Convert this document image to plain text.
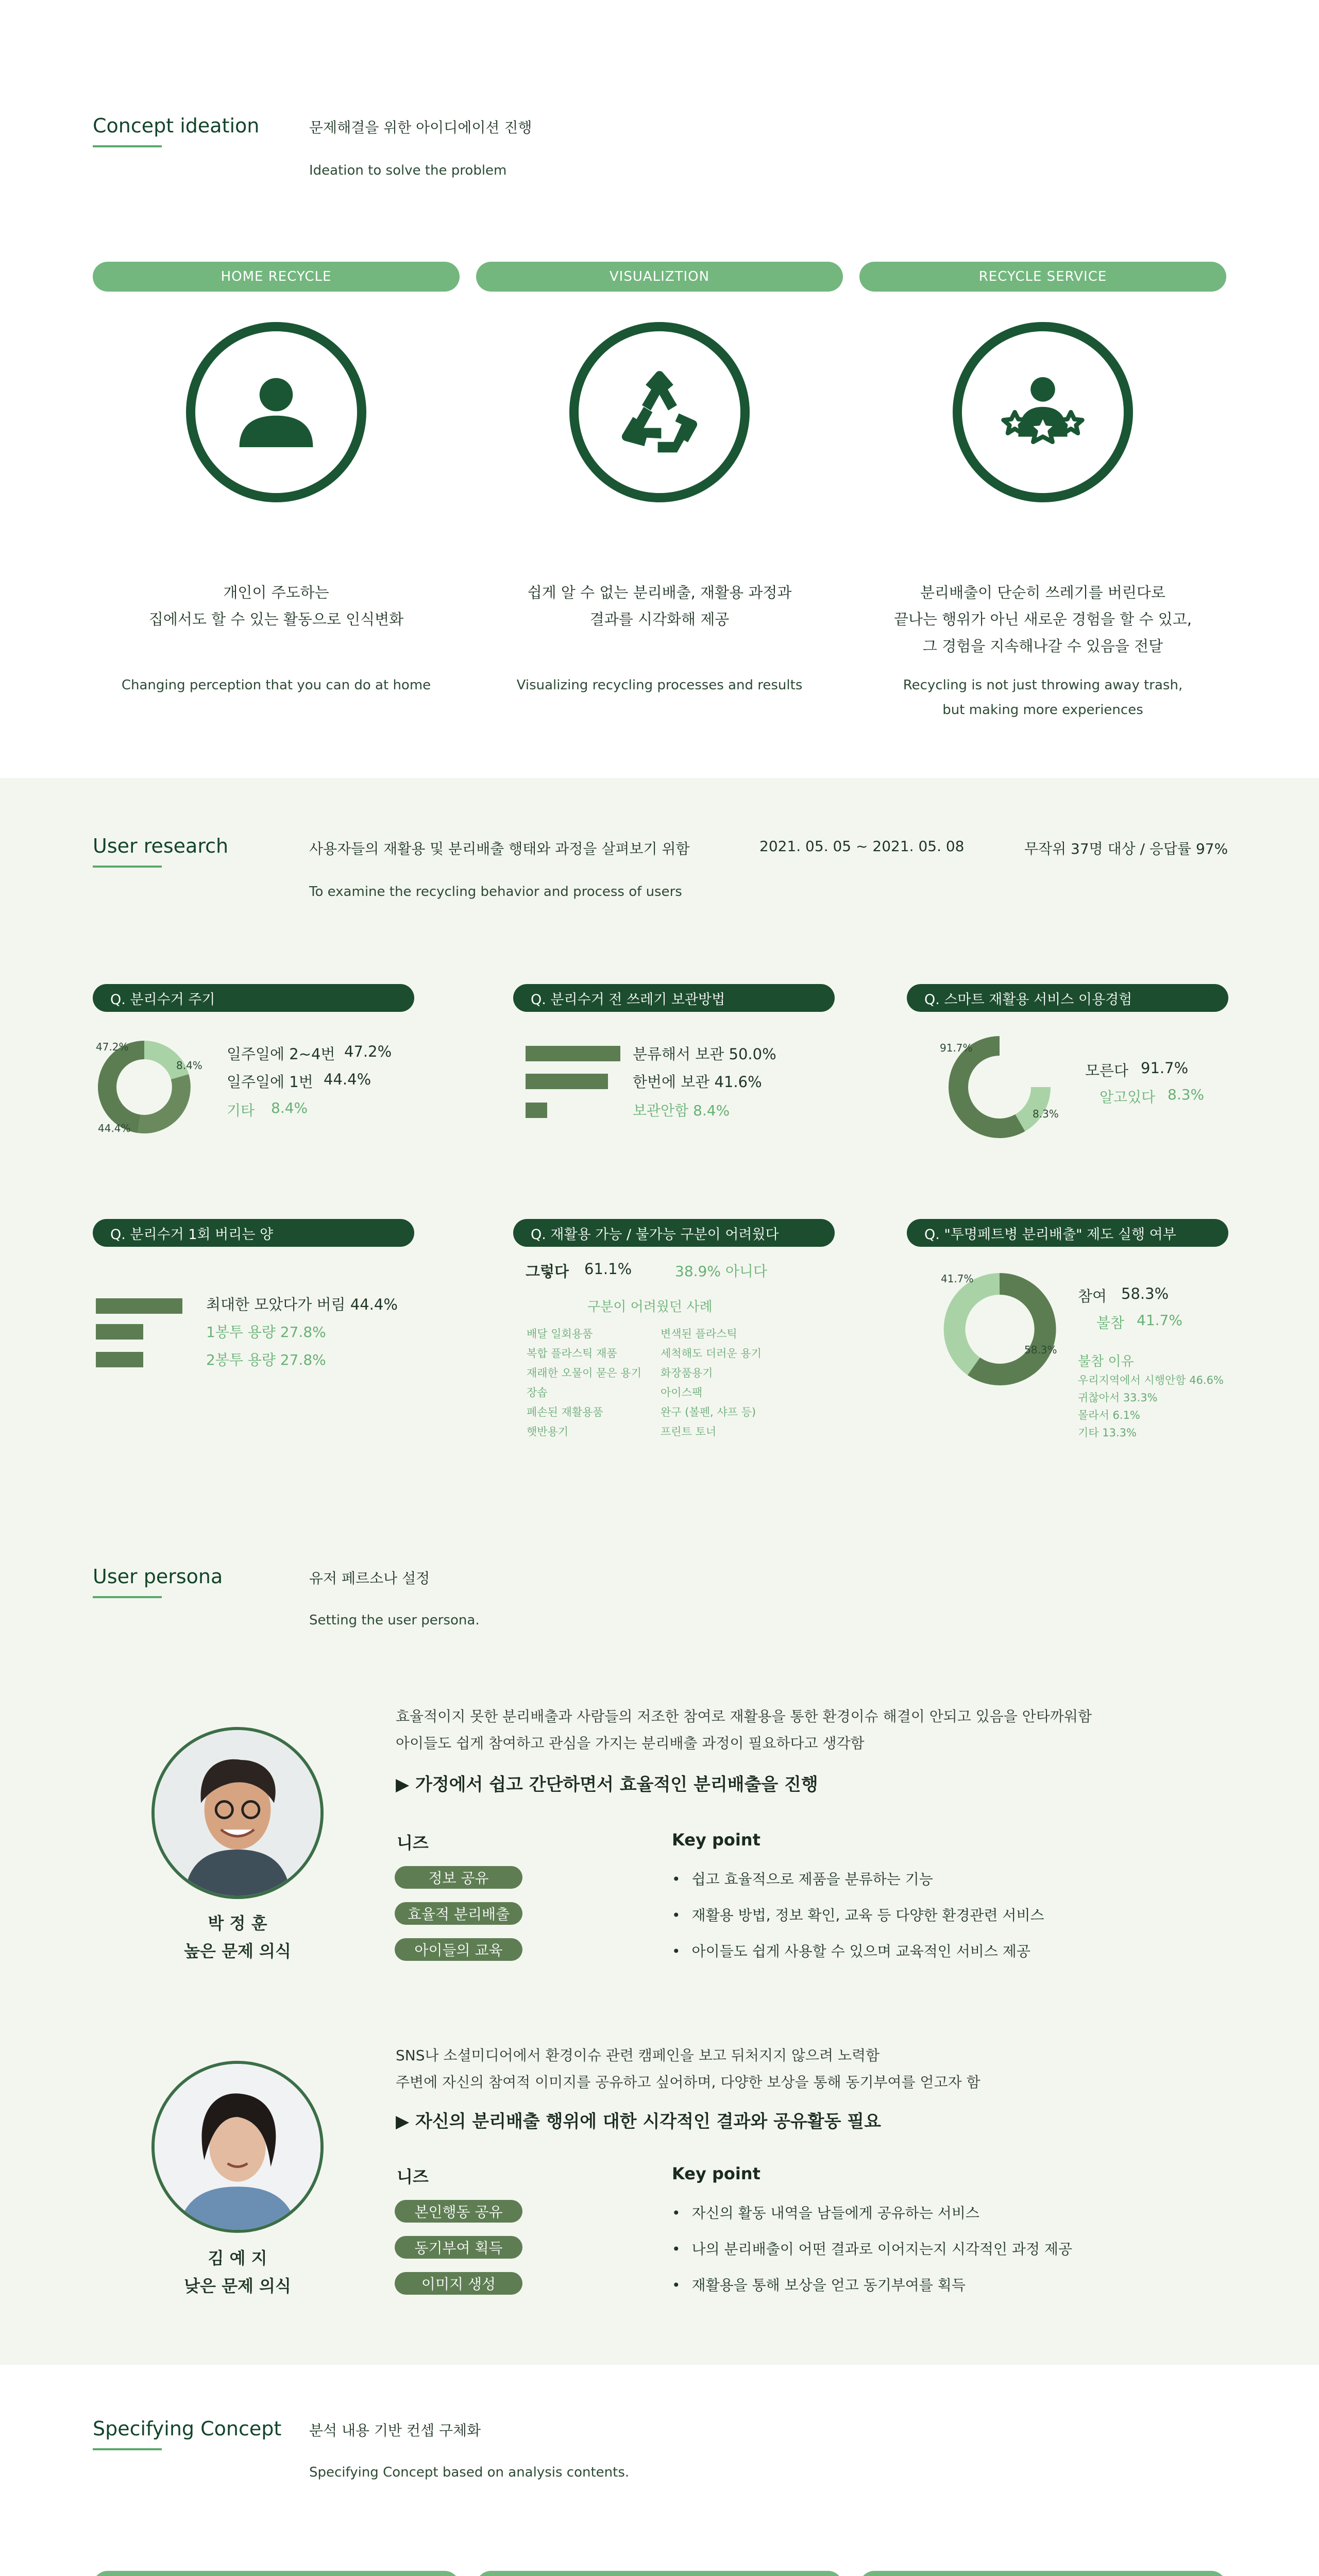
Concept ideation	문제해결을 위한 아이디에이션 진행
Ideation to solve the problem
HOME RECYCLE
개인이 주도하는
집에서도 할 수 있는 활동으로 인식변화
Changing perception that you can do at home
VISUALIZTION
쉽게 알 수 없는 분리배출, 재활용 과정과
결과를 시각화해 제공
Visualizing recycling processes and results
RECYCLE SERVICE
분리배출이 단순히 쓰레기를 버린다로
끝나는 행위가 아닌 새로운 경험을 할 수 있고,
그 경험을 지속해나갈 수 있음을 전달
Recycling is not just throwing away trash,
but making more experiences
User research	사용자들의 재활용 및 분리배출 행태와 과정을 살펴보기 위함	2021. 05. 05 ~ 2021. 05. 08	무작위 37명 대상 / 응답률 97%
To examine the recycling behavior and process of users
Q. 분리수거 주기
47.2%
8.4%
44.4%
일주일에 2~4번 47.2%
일주일에 1번 44.4%
기타 8.4%
Q. 분리수거 전 쓰레기 보관방법
분류해서 보관 50.0%
한번에 보관 41.6%
보관안함 8.4%
Q. 스마트 재활용 서비스 이용경험
91.7%
8.3%
모른다 91.7%
알고있다 8.3%
Q. 분리수거 1회 버리는 양
최대한 모았다가 버림 44.4%
1봉투 용량 27.8%
2봉투 용량 27.8%
Q. 재활용 가능 / 불가능 구분이 어려웠다
그렇다 61.1%	38.9% 아니다
구분이 어려웠던 사례
배달 일회용품
복합 플라스틱 재품
재래한 오물이 묻은 용기
장솝
폐손된 재활용품
햇반용기
변색된 플라스틱
세척해도 더러운 용기
화장품용기
아이스팩
완구 (볼펜, 샤프 등)
프린트 토너
Q. "투명페트병 분리배출" 제도 실행 여부
41.7%
58.3%
참여 58.3%
불참 41.7%
불참 이유
우리지역에서 시행안함 46.6%
귀찮아서 33.3%
몰라서 6.1%
기타 13.3%
User persona	유저 페르소나 설정
Setting the user persona.
박 정 훈
높은 문제 의식
효율적이지 못한 분리배출과 사람들의 저조한 참여로 재활용을 통한 환경이슈 해결이 안되고 있음을 안타까워함
아이들도 쉽게 참여하고 관심을 가지는 분리배출 과정이 필요하다고 생각함
▶ 가정에서 쉽고 간단하면서 효율적인 분리배출을 진행
니즈	Key point
정보 공유
효율적 분리배출
아이들의 교육
• 쉽고 효율적으로 제품을 분류하는 기능
• 재활용 방법, 정보 확인, 교육 등 다양한 환경관련 서비스
• 아이들도 쉽게 사용할 수 있으며 교육적인 서비스 제공
김 예 지
낮은 문제 의식
SNS나 소셜미디어에서 환경이슈 관련 캠페인을 보고 뒤처지지 않으려 노력함
주변에 자신의 참여적 이미지를 공유하고 싶어하며, 다양한 보상을 통해 동기부여를 얻고자 함
▶ 자신의 분리배출 행위에 대한 시각적인 결과와 공유활동 필요
니즈	Key point
본인행동 공유
동기부여 획득
이미지 생성
• 자신의 활동 내역을 남들에게 공유하는 서비스
• 나의 분리배출이 어떤 결과로 이어지는지 시각적인 과정 제공
• 재활용을 통해 보상을 얻고 동기부여를 획득
Specifying Concept 분석 내용 기반 컨셉 구체화
Specifying Concept based on analysis contents.
